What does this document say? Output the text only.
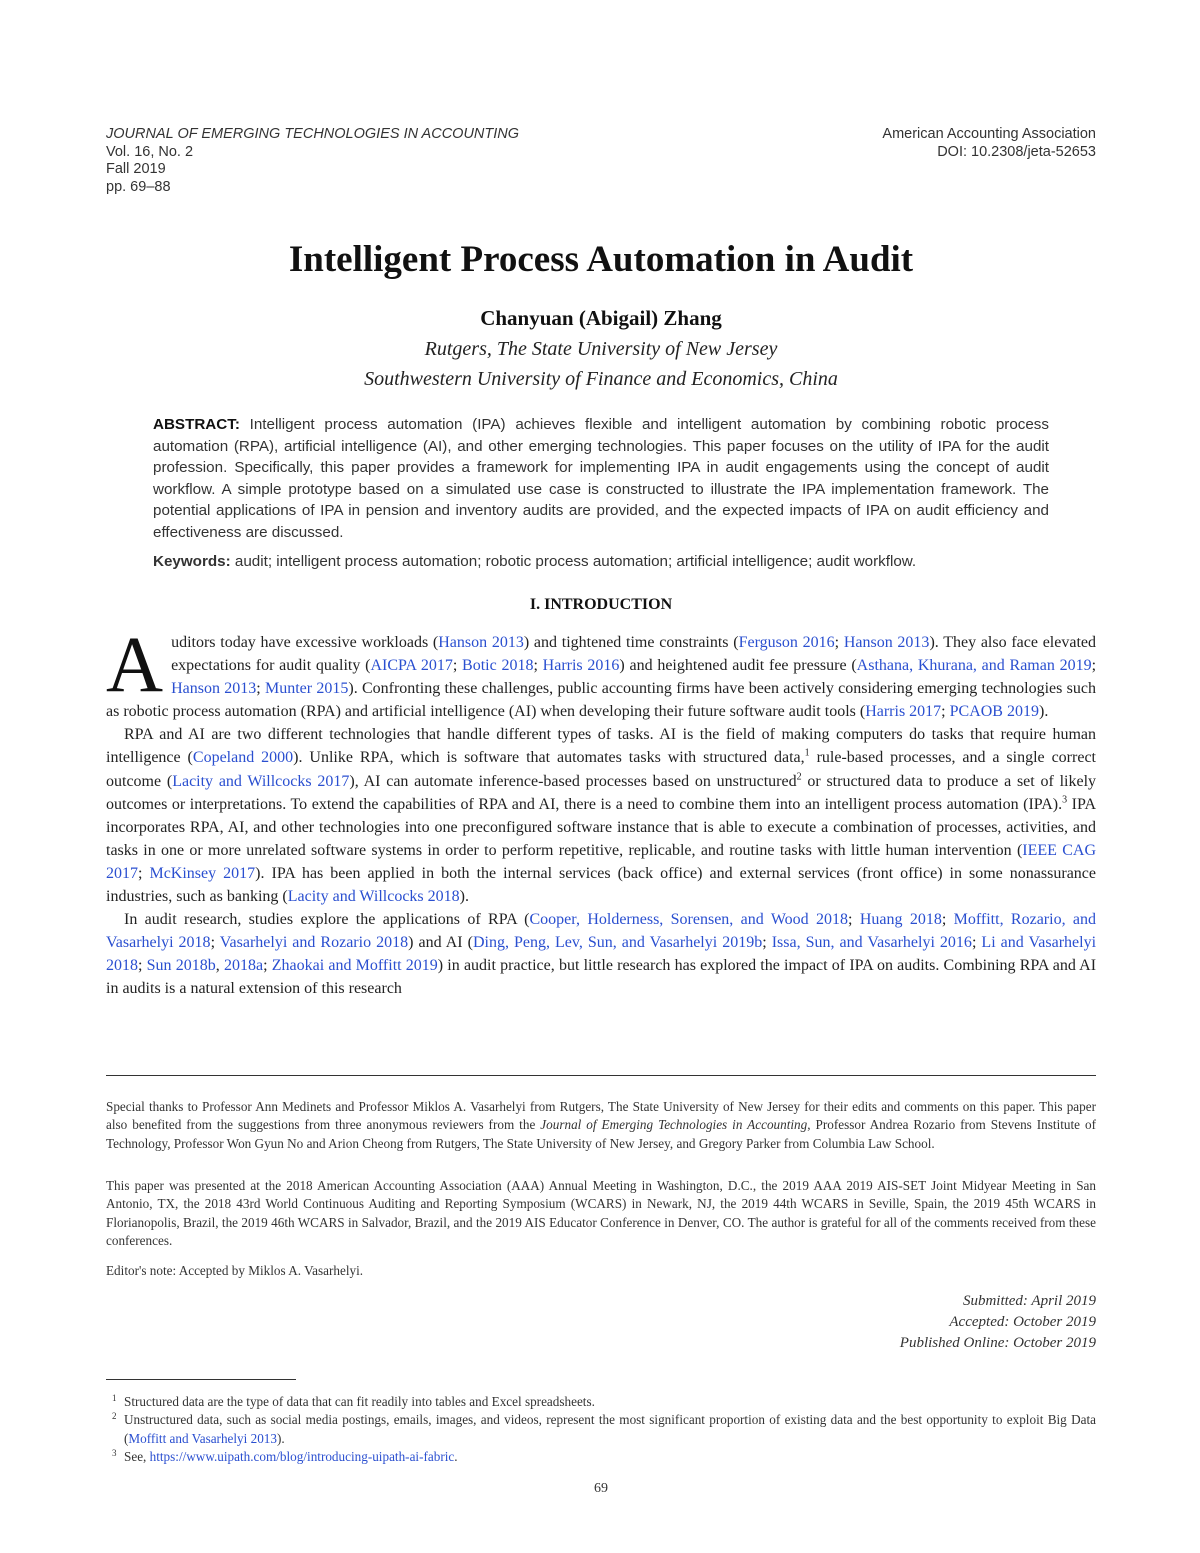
JOURNAL OF EMERGING TECHNOLOGIES IN ACCOUNTING
Vol. 16, No. 2
Fall 2019
pp. 69–88
American Accounting Association
DOI: 10.2308/jeta-52653
Intelligent Process Automation in Audit
Chanyuan (Abigail) Zhang
Rutgers, The State University of New Jersey
Southwestern University of Finance and Economics, China
ABSTRACT: Intelligent process automation (IPA) achieves flexible and intelligent automation by combining robotic process automation (RPA), artificial intelligence (AI), and other emerging technologies. This paper focuses on the utility of IPA for the audit profession. Specifically, this paper provides a framework for implementing IPA in audit engagements using the concept of audit workflow. A simple prototype based on a simulated use case is constructed to illustrate the IPA implementation framework. The potential applications of IPA in pension and inventory audits are provided, and the expected impacts of IPA on audit efficiency and effectiveness are discussed.
Keywords: audit; intelligent process automation; robotic process automation; artificial intelligence; audit workflow.
I. INTRODUCTION

Auditors today have excessive workloads (Hanson 2013) and tightened time constraints (Ferguson 2016; Hanson 2013). They also face elevated expectations for audit quality (AICPA 2017; Botic 2018; Harris 2016) and heightened audit fee pressure (Asthana, Khurana, and Raman 2019; Hanson 2013; Munter 2015). Confronting these challenges, public accounting firms have been actively considering emerging technologies such as robotic process automation (RPA) and artificial intelligence (AI) when developing their future software audit tools (Harris 2017; PCAOB 2019).

RPA and AI are two different technologies that handle different types of tasks. AI is the field of making computers do tasks that require human intelligence (Copeland 2000). Unlike RPA, which is software that automates tasks with structured data,$^1$ rule-based processes, and a single correct outcome (Lacity and Willcocks 2017), AI can automate inference-based processes based on unstructured$^2$ or structured data to produce a set of likely outcomes or interpretations. To extend the capabilities of RPA and AI, there is a need to combine them into an intelligent process automation (IPA).$^3$ IPA incorporates RPA, AI, and other technologies into one preconfigured software instance that is able to execute a combination of processes, activities, and tasks in one or more unrelated software systems in order to perform repetitive, replicable, and routine tasks with little human intervention (IEEE CAG 2017; McKinsey 2017). IPA has been applied in both the internal services (back office) and external services (front office) in some nonassurance industries, such as banking (Lacity and Willcocks 2018).

In audit research, studies explore the applications of RPA (Cooper, Holderness, Sorensen, and Wood 2018; Huang 2018; Moffitt, Rozario, and Vasarhelyi 2018; Vasarhelyi and Rozario 2018) and AI (Ding, Peng, Lev, Sun, and Vasarhelyi 2019b; Issa, Sun, and Vasarhelyi 2016; Li and Vasarhelyi 2018; Sun 2018b, 2018a; Zhaokai and Moffitt 2019) in audit practice, but little research has explored the impact of IPA on audits. Combining RPA and AI in audits is a natural extension of this research

Special thanks to Professor Ann Medinets and Professor Miklos A. Vasarhelyi from Rutgers, The State University of New Jersey for their edits and comments on this paper. This paper also benefited from the suggestions from three anonymous reviewers from the Journal of Emerging Technologies in Accounting, Professor Andrea Rozario from Stevens Institute of Technology, Professor Won Gyun No and Arion Cheong from Rutgers, The State University of New Jersey, and Gregory Parker from Columbia Law School.

This paper was presented at the 2018 American Accounting Association (AAA) Annual Meeting in Washington, D.C., the 2019 AAA 2019 AIS-SET Joint Midyear Meeting in San Antonio, TX, the 2018 43rd World Continuous Auditing and Reporting Symposium (WCARS) in Newark, NJ, the 2019 44th WCARS in Seville, Spain, the 2019 45th WCARS in Florianopolis, Brazil, the 2019 46th WCARS in Salvador, Brazil, and the 2019 AIS Educator Conference in Denver, CO. The author is grateful for all of the comments received from these conferences.

Editor's note: Accepted by Miklos A. Vasarhelyi.

Submitted: April 2019
Accepted: October 2019
Published Online: October 2019
1 Structured data are the type of data that can fit readily into tables and Excel spreadsheets.
2 Unstructured data, such as social media postings, emails, images, and videos, represent the most significant proportion of existing data and the best opportunity to exploit Big Data (Moffitt and Vasarhelyi 2013).
3 See, https://www.uipath.com/blog/introducing-uipath-ai-fabric.
69
